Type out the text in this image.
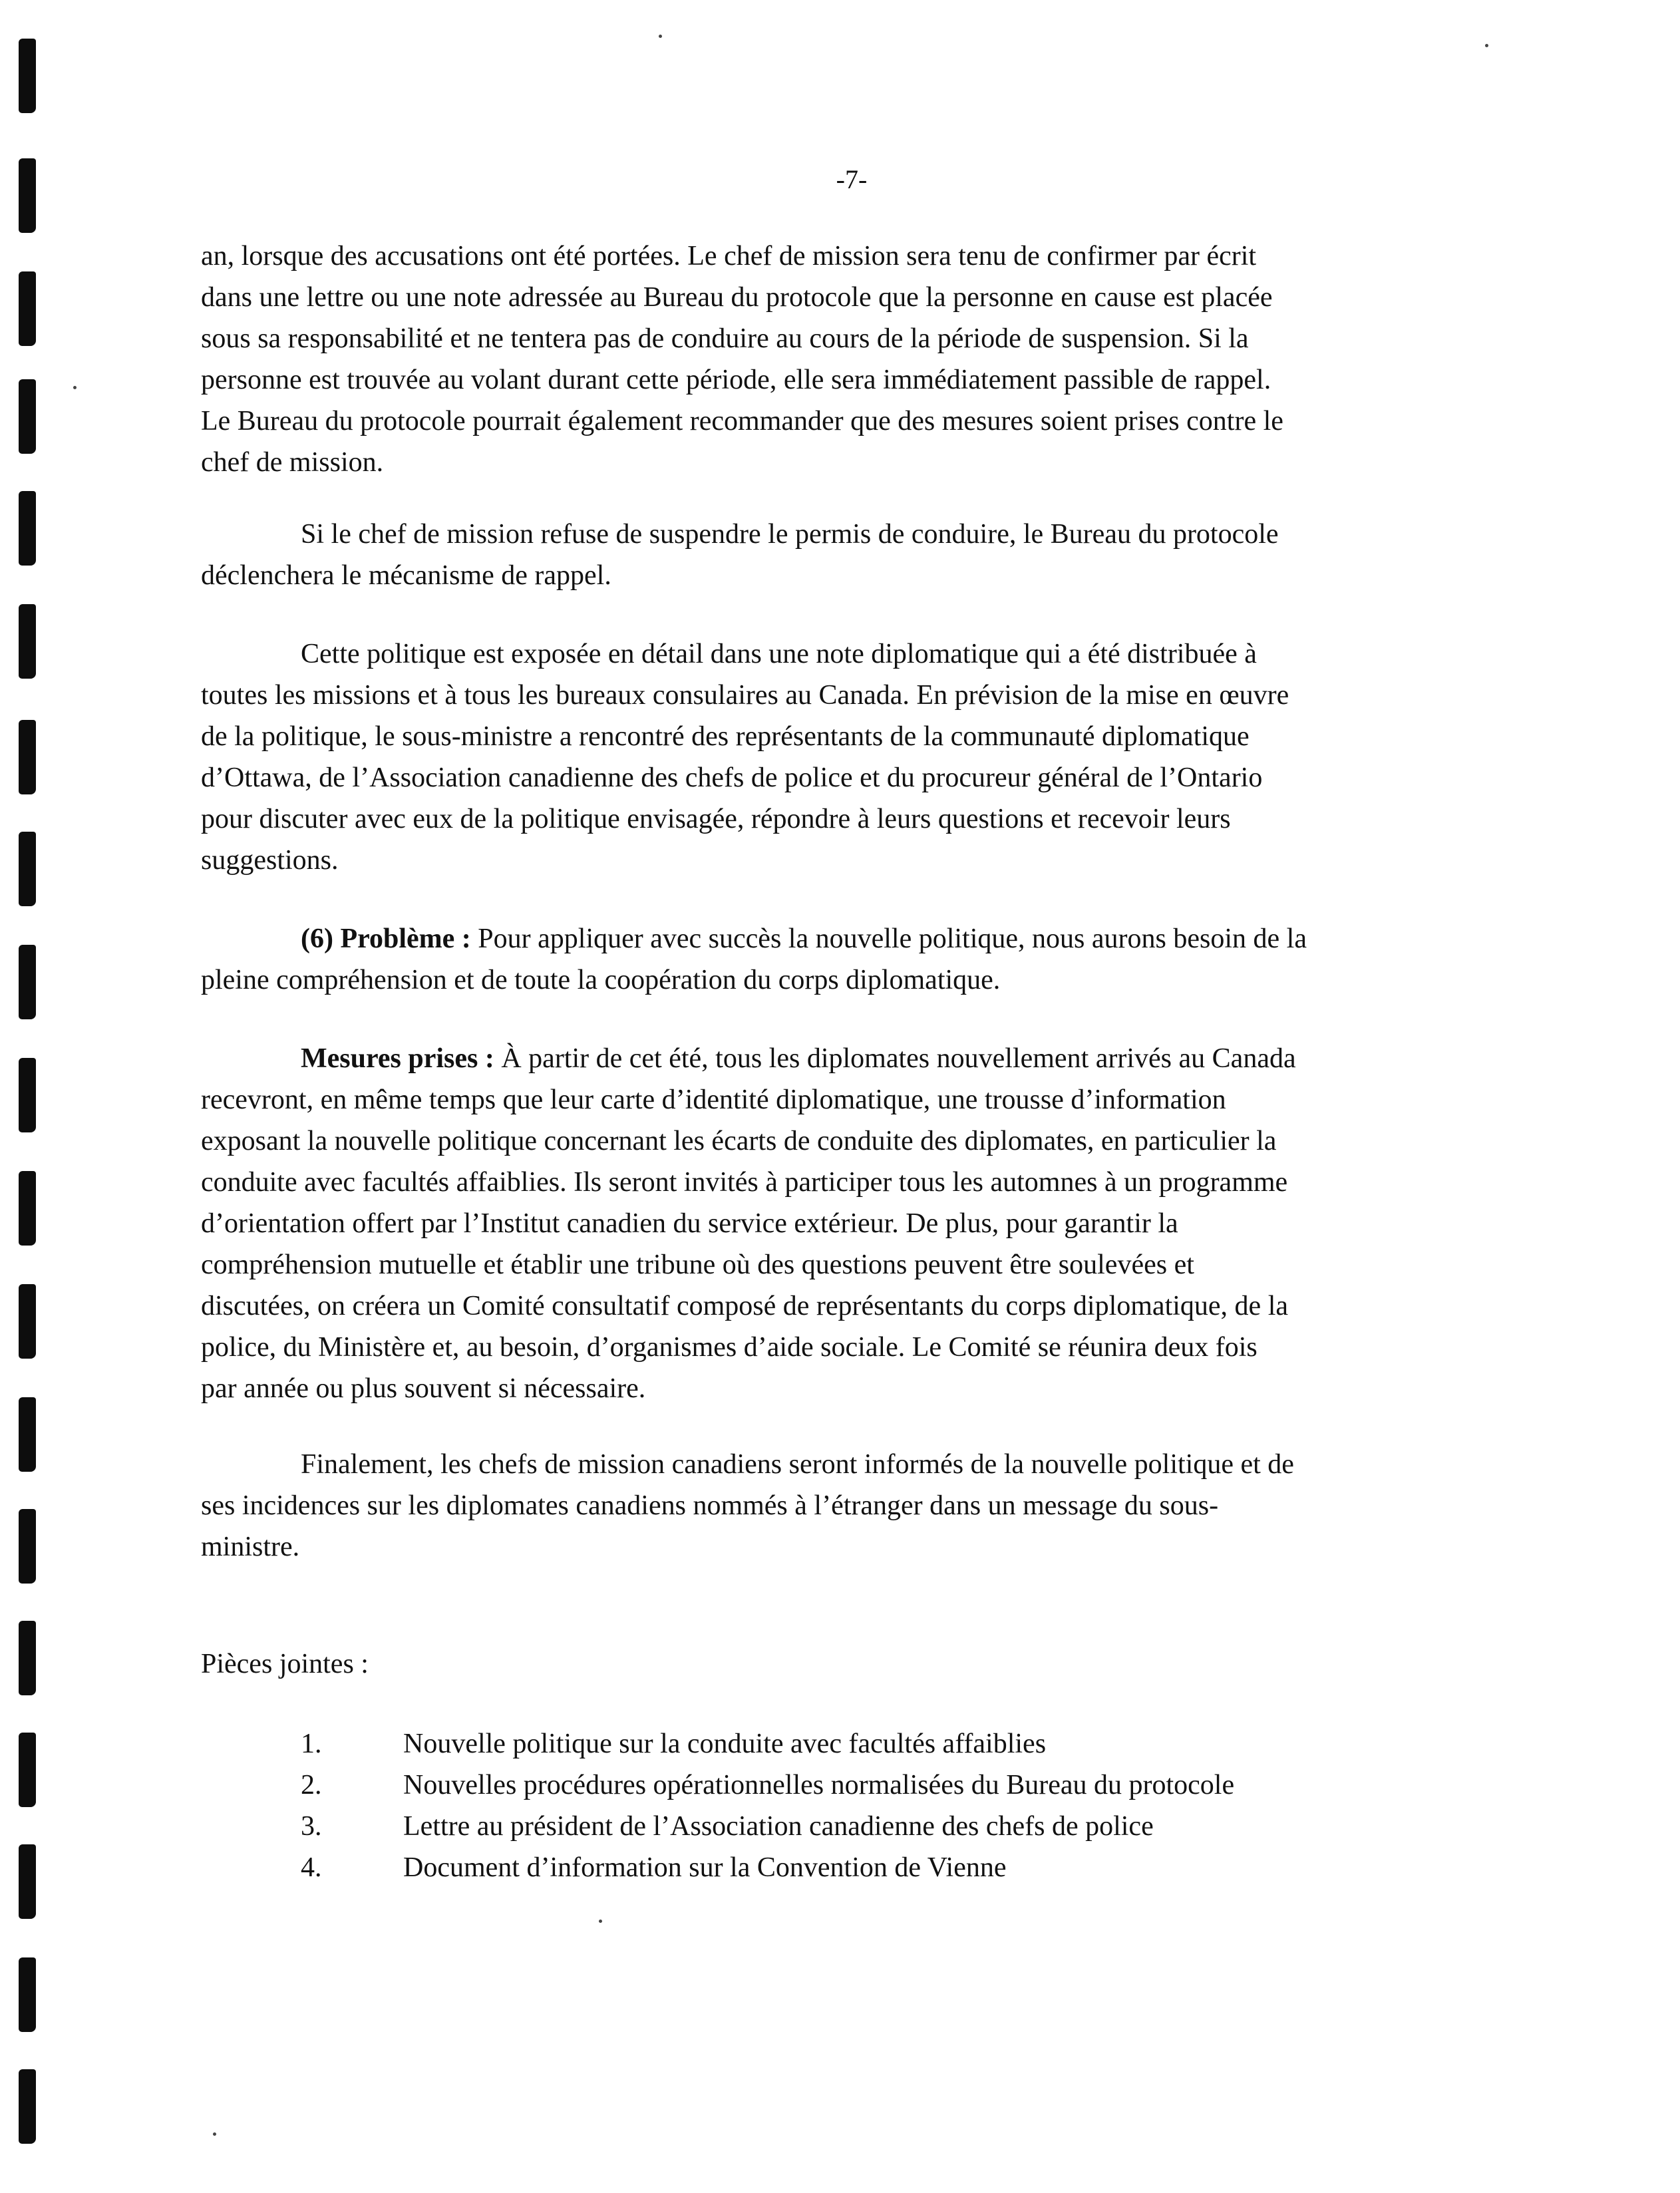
-7-

an, lorsque des accusations ont été portées. Le chef de mission sera tenu de confirmer par écrit
dans une lettre ou une note adressée au Bureau du protocole que la personne en cause est placée
sous sa responsabilité et ne tentera pas de conduire au cours de la période de suspension. Si la
personne est trouvée au volant durant cette période, elle sera immédiatement passible de rappel.
Le Bureau du protocole pourrait également recommander que des mesures soient prises contre le
chef de mission.

Si le chef de mission refuse de suspendre le permis de conduire, le Bureau du protocole
déclenchera le mécanisme de rappel.

Cette politique est exposée en détail dans une note diplomatique qui a été distribuée à
toutes les missions et à tous les bureaux consulaires au Canada. En prévision de la mise en œuvre
de la politique, le sous-ministre a rencontré des représentants de la communauté diplomatique
d’Ottawa, de l’Association canadienne des chefs de police et du procureur général de l’Ontario
pour discuter avec eux de la politique envisagée, répondre à leurs questions et recevoir leurs
suggestions.

(6) Problème : Pour appliquer avec succès la nouvelle politique, nous aurons besoin de la
pleine compréhension et de toute la coopération du corps diplomatique.

Mesures prises : À partir de cet été, tous les diplomates nouvellement arrivés au Canada
recevront, en même temps que leur carte d’identité diplomatique, une trousse d’information
exposant la nouvelle politique concernant les écarts de conduite des diplomates, en particulier la
conduite avec facultés affaiblies. Ils seront invités à participer tous les automnes à un programme
d’orientation offert par l’Institut canadien du service extérieur. De plus, pour garantir la
compréhension mutuelle et établir une tribune où des questions peuvent être soulevées et
discutées, on créera un Comité consultatif composé de représentants du corps diplomatique, de la
police, du Ministère et, au besoin, d’organismes d’aide sociale. Le Comité se réunira deux fois
par année ou plus souvent si nécessaire.

Finalement, les chefs de mission canadiens seront informés de la nouvelle politique et de
ses incidences sur les diplomates canadiens nommés à l’étranger dans un message du sous-
ministre.

Pièces jointes :
1.	Nouvelle politique sur la conduite avec facultés affaiblies
2.	Nouvelles procédures opérationnelles normalisées du Bureau du protocole
3.	Lettre au président de l’Association canadienne des chefs de police
4.	Document d’information sur la Convention de Vienne
